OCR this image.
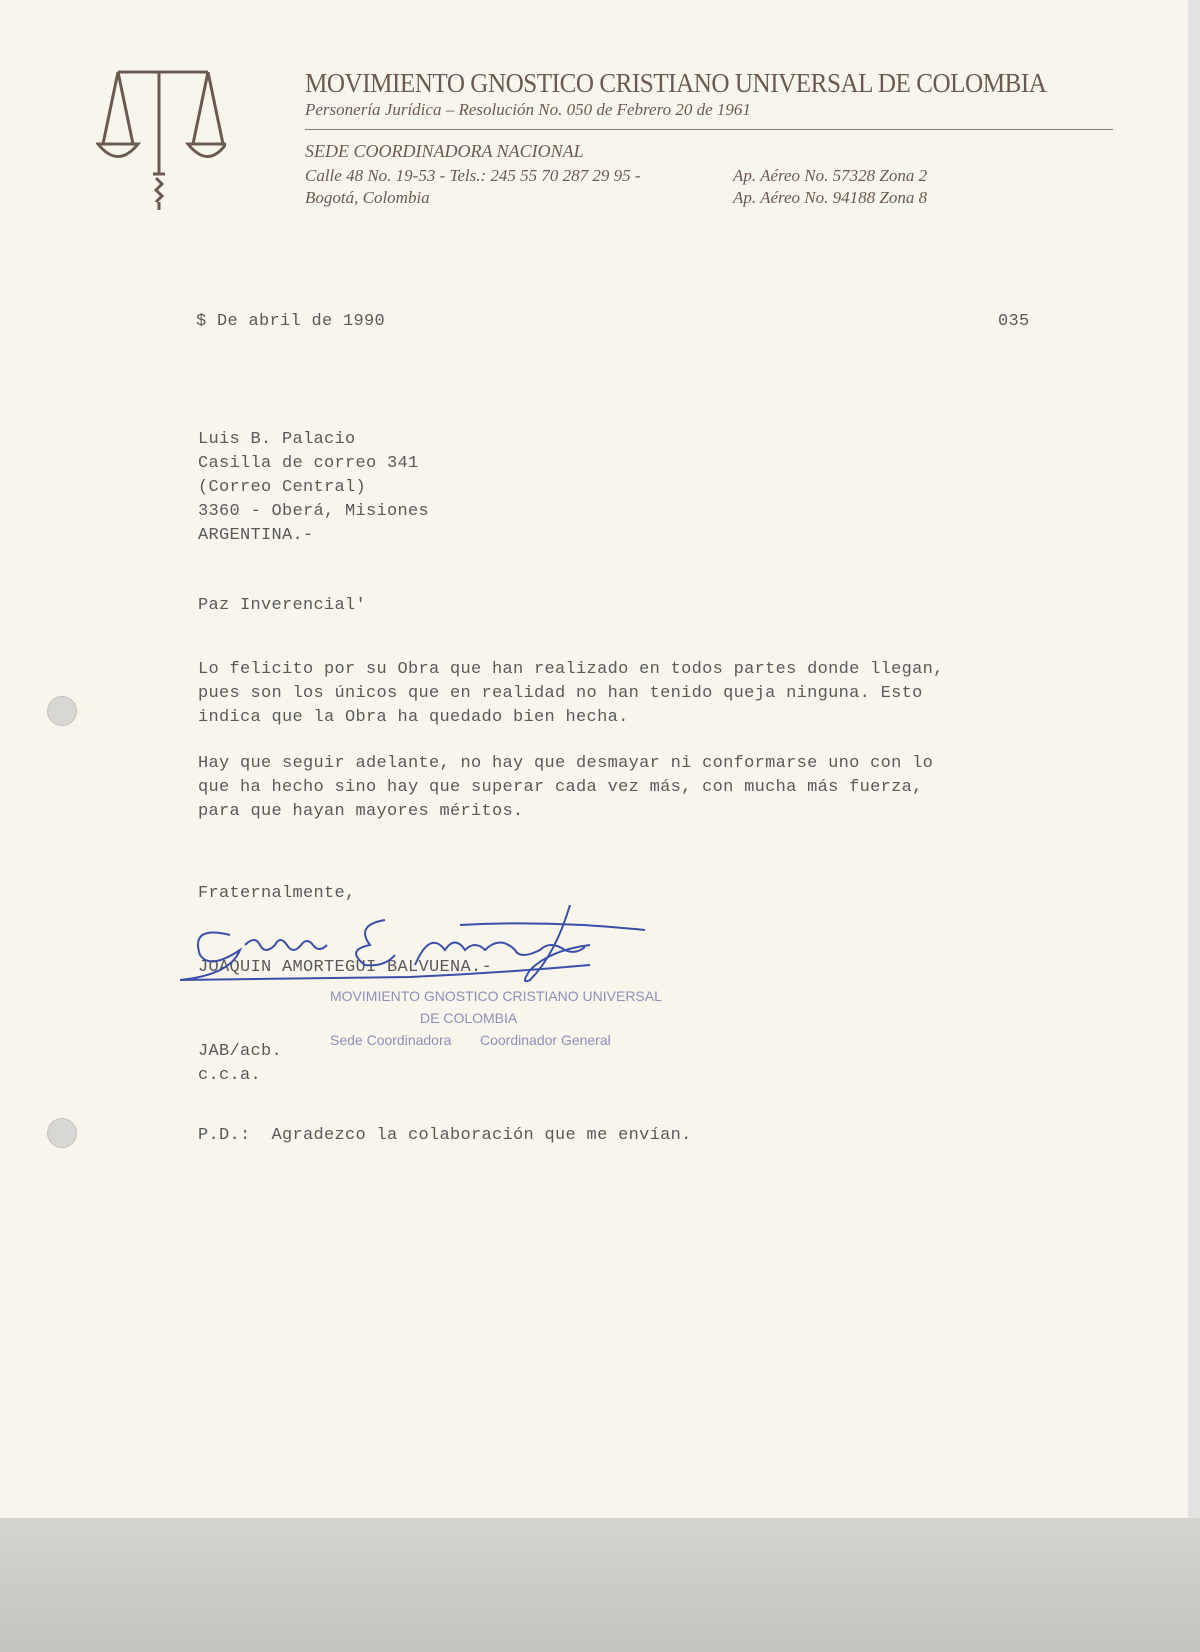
MOVIMIENTO GNOSTICO CRISTIANO UNIVERSAL DE COLOMBIA
Personería Jurídica – Resolución No. 050 de Febrero 20 de 1961
SEDE COORDINADORA NACIONAL
Calle 48 No. 19-53 - Tels.: 245 55 70 287 29 95 -	Ap. Aéreo No. 57328 Zona 2
Bogotá, Colombia	Ap. Aéreo No. 94188 Zona 8
$ De abril de 1990	035
Luis B. Palacio
Casilla de correo 341
(Correo Central)
3360 - Oberá, Misiones
ARGENTINA.-
Paz Inverencial'
Lo felicito por su Obra que han realizado en todos partes donde llegan,
pues son los únicos que en realidad no han tenido queja ninguna. Esto
indica que la Obra ha quedado bien hecha.
Hay que seguir adelante, no hay que desmayar ni conformarse uno con lo
que ha hecho sino hay que superar cada vez más, con mucha más fuerza,
para que hayan mayores méritos.
Fraternalmente,
JOAQUIN AMORTEGUI BALVUENA.-
MOVIMIENTO GNOSTICO CRISTIANO UNIVERSAL
DE COLOMBIA
Sede Coordinadora Coordinador General
JAB/acb.
c.c.a.
P.D.:  Agradezco la colaboración que me envían.
